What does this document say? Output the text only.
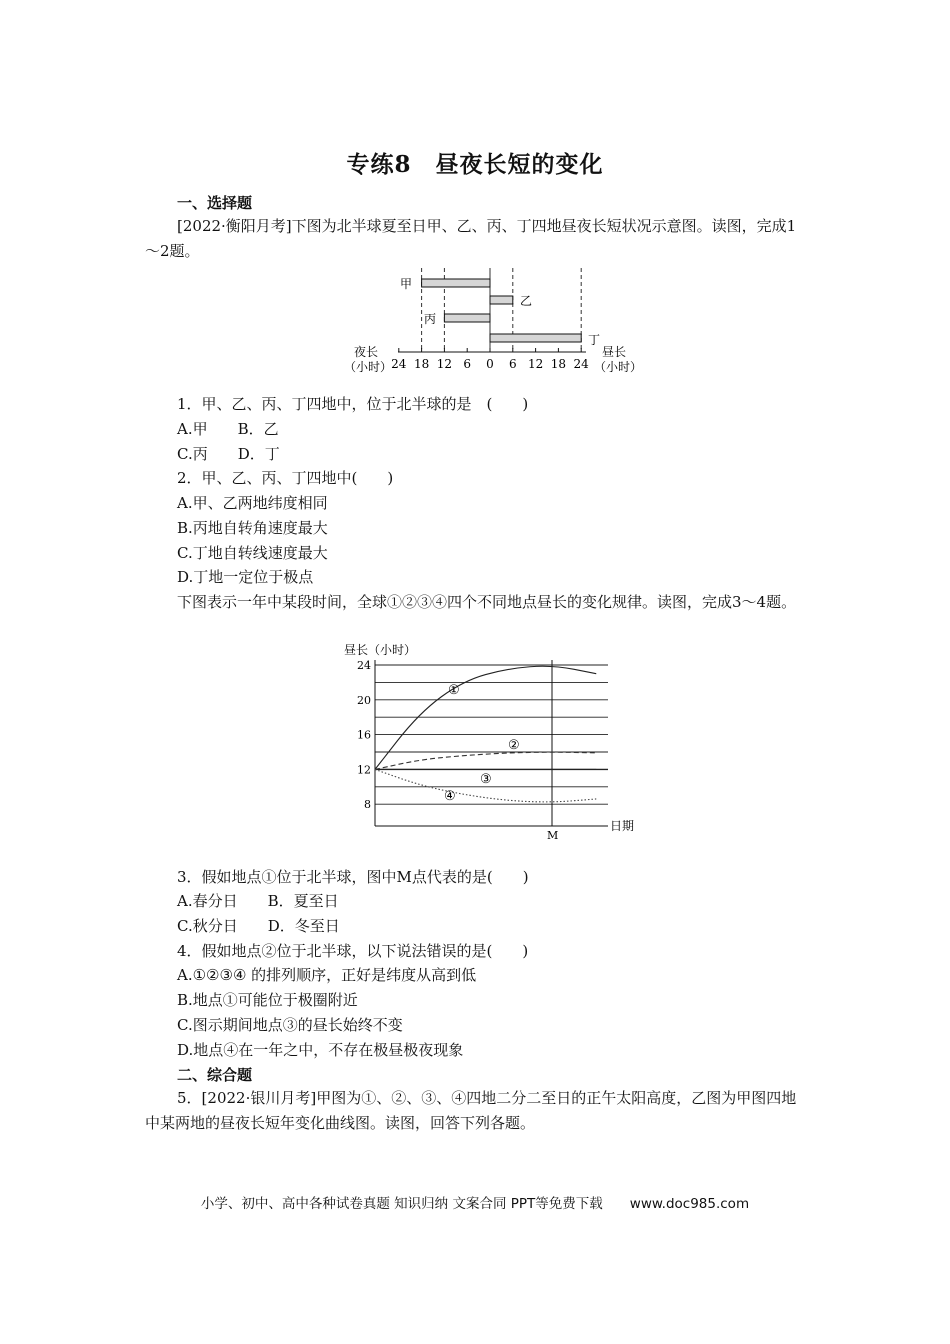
专练8　昼夜长短的变化
一、选择题
[2022·衡阳月考]下图为北半球夏至日甲、乙、丙、丁四地昼夜长短状况示意图。读图，完成1～2题。
24 18 12 6 0 6 12 18 24
甲
乙
丙
丁
夜长
（小时）
昼长
（小时）
1．甲、乙、丙、丁四地中，位于北半球的是　(　　)
A.甲　　B．乙
C.丙　　D．丁
2．甲、乙、丙、丁四地中(　　)
A.甲、乙两地纬度相同
B.丙地自转角速度最大
C.丁地自转线速度最大
D.丁地一定位于极点
下图表示一年中某段时间，全球①②③④四个不同地点昼长的变化规律。读图，完成3～4题。
昼长（小时）
24
20
16
12
8
①
②
③
④
M
日期
3．假如地点①位于北半球，图中M点代表的是(　　)
A.春分日　　B．夏至日
C.秋分日　　D．冬至日
4．假如地点②位于北半球，以下说法错误的是(　　)
A.①②③④ 的排列顺序，正好是纬度从高到低
B.地点①可能位于极圈附近
C.图示期间地点③的昼长始终不变
D.地点④在一年之中，不存在极昼极夜现象
二、综合题
5．[2022·银川月考]甲图为①、②、③、④四地二分二至日的正午太阳高度，乙图为甲图四地中某两地的昼夜长短年变化曲线图。读图，回答下列各题。
小学、初中、高中各种试卷真题 知识归纳 文案合同 PPT等免费下载　　www.doc985.com
